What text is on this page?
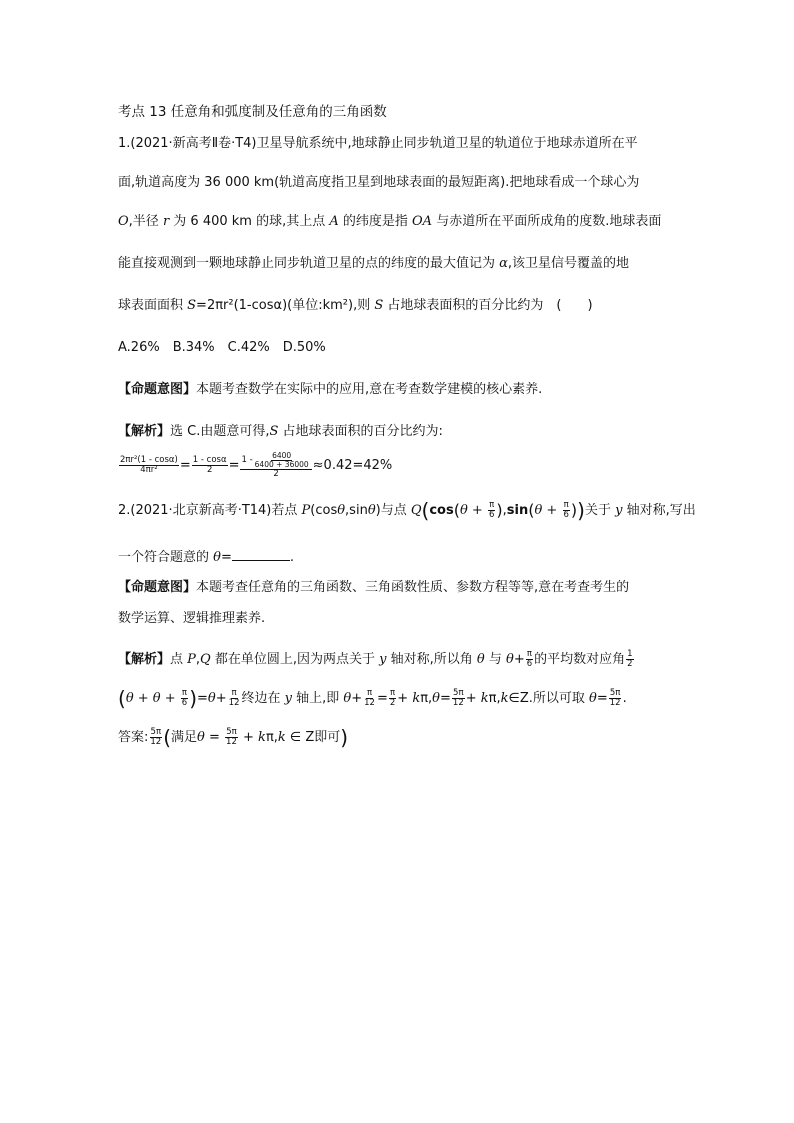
考点 13 任意角和弧度制及任意角的三角函数
1.(2021·新高考Ⅱ卷·T4)卫星导航系统中,地球静止同步轨道卫星的轨道位于地球赤道所在平
面,轨道高度为 36 000 km(轨道高度指卫星到地球表面的最短距离).把地球看成一个球心为
O,半径 r 为 6 400 km 的球,其上点 A 的纬度是指 OA 与赤道所在平面所成角的度数.地球表面
能直接观测到一颗地球静止同步轨道卫星的点的纬度的最大值记为 α,该卫星信号覆盖的地
球表面面积 S=2πr²(1-cosα)(单位:km²),则 S 占地球表面积的百分比约为　(　　)
A.26%　B.34%　C.42%　D.50%
【命题意图】本题考查数学在实际中的应用,意在考查数学建模的核心素养.
【解析】选 C.由题意可得,S 占地球表面积的百分比约为:
$\frac{\text{2πr²(1 - cosα)}}{\text{4πr²}} = \frac{1 - \cos\alpha}{2} = \frac{1 - \frac{6400}{6400 + 36000}}{2} \approx 0.42=42\%$
2.(2021·北京新高考·T14)若点 P(cosθ,sinθ)与点 $Q(\cos(\theta + \frac{\pi}{6} ),\sin(\theta + \frac{\pi}{6}$ ))关于 y 轴对称,写出
一个符合题意的 θ=	.
【命题意图】本题考查任意角的三角函数、三角函数性质、参数方程等等,意在考查考生的
数学运算、逻辑推理素养.
【解析】点 P,Q 都在单位圆上,因为两点关于 y 轴对称,所以角 θ 与 $\theta+ \frac{\pi}{6}$ 的平均数对应角 $\frac{1}{2}$
$(\theta + \theta + \frac{\pi}{6} )=\theta+ \frac{\pi}{12}$ 终边在 y 轴上,即 $\theta+ \frac{\pi}{12} = \frac{\pi}{2} + k\pi,\theta= \frac{5\pi}{12}$ + kπ,k∈Z.所以可取 $\theta= \frac{5\pi}{12}$ .
答案: $\frac{5\pi}{12}$ (满足$\theta = \frac{5\pi}{12} + k\pi,k$ ∈ Z即可)
